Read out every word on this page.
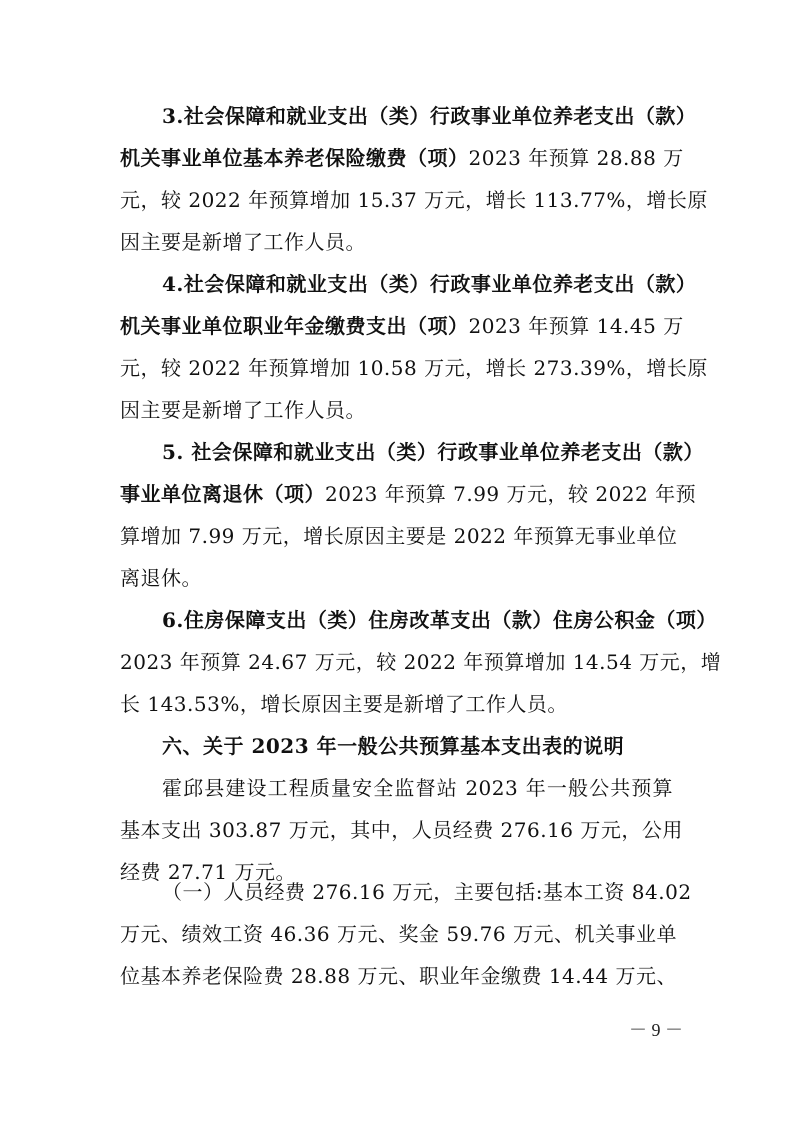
3.社会保障和就业支出（类）行政事业单位养老支出（款）
机关事业单位基本养老保险缴费（项）2023 年预算 28.88 万
元，较 2022 年预算增加 15.37 万元，增长 113.77%，增长原
因主要是新增了工作人员。
4.社会保障和就业支出（类）行政事业单位养老支出（款）
机关事业单位职业年金缴费支出（项）2023 年预算 14.45 万
元，较 2022 年预算增加 10.58 万元，增长 273.39%，增长原
因主要是新增了工作人员。
5. 社会保障和就业支出（类）行政事业单位养老支出（款）
事业单位离退休（项）2023 年预算 7.99 万元，较 2022 年预
算增加 7.99 万元，增长原因主要是 2022 年预算无事业单位
离退休。
6.住房保障支出（类）住房改革支出（款）住房公积金（项）
2023 年预算 24.67 万元，较 2022 年预算增加 14.54 万元，增
长 143.53%，增长原因主要是新增了工作人员。
六、关于 2023 年一般公共预算基本支出表的说明
霍邱县建设工程质量安全监督站 2023 年一般公共预算
基本支出 303.87 万元，其中，人员经费 276.16 万元，公用
经费 27.71 万元。
（一）人员经费 276.16 万元，主要包括:基本工资 84.02
万元、绩效工资 46.36 万元、奖金 59.76 万元、机关事业单
位基本养老保险费 28.88 万元、职业年金缴费 14.44 万元、
－ 9 －
